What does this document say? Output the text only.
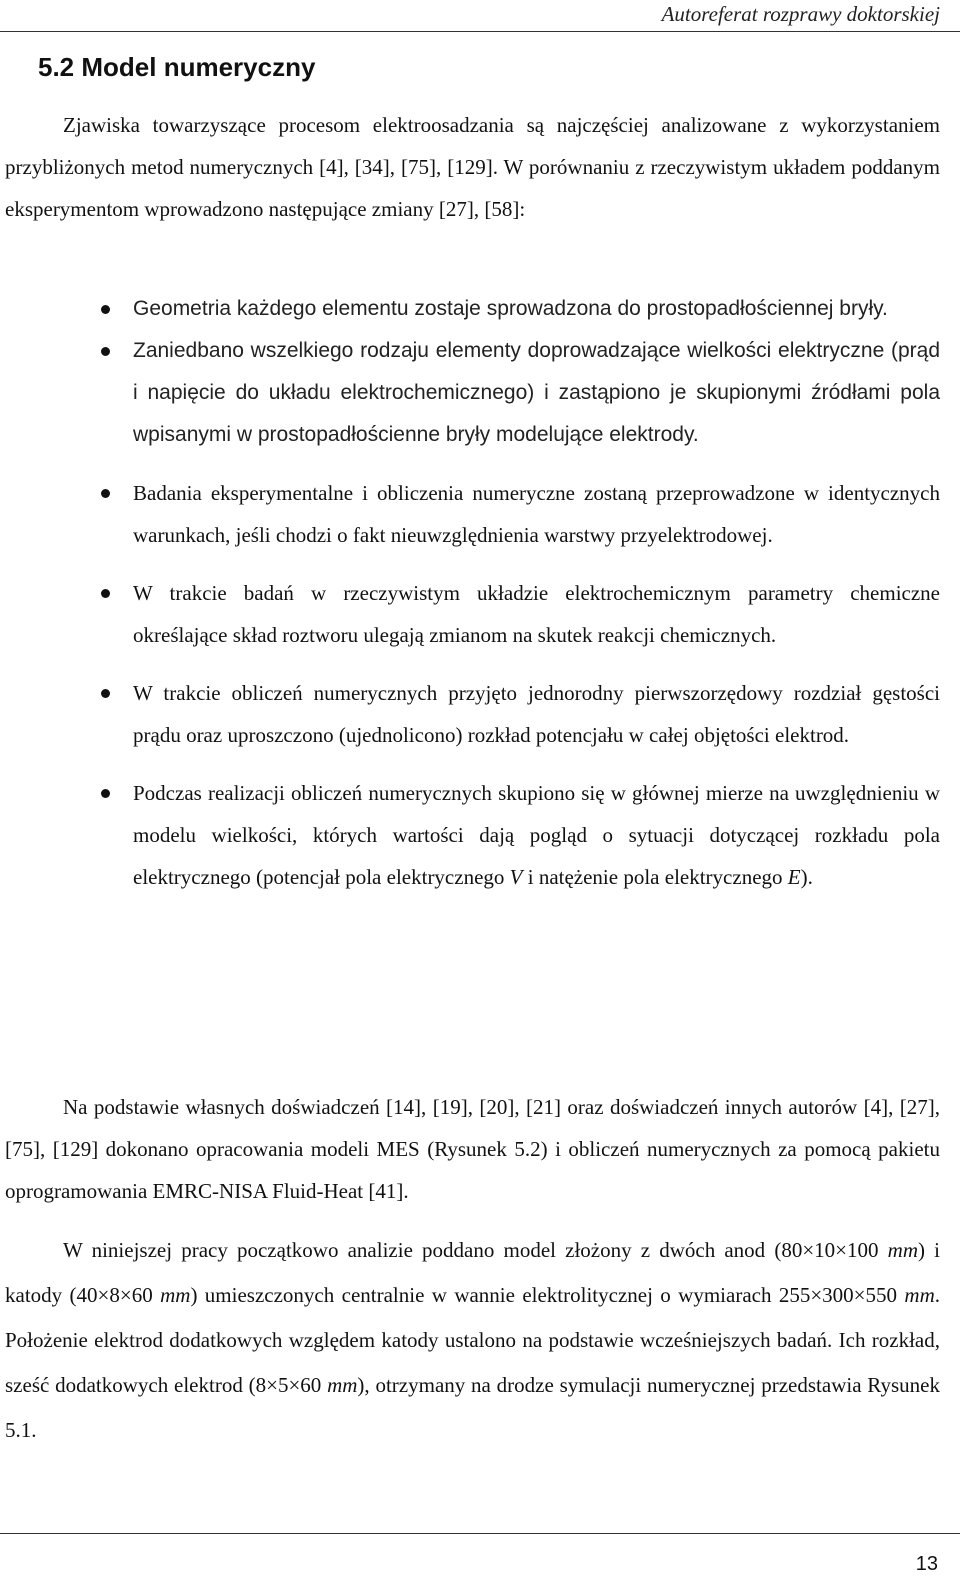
Autoreferat rozprawy doktorskiej
5.2 Model numeryczny

Zjawiska towarzyszące procesom elektroosadzania są najczęściej analizowane z wykorzystaniem przybliżonych metod numerycznych [4], [34], [75], [129]. W porównaniu z rzeczywistym układem poddanym eksperymentom wprowadzono następujące zmiany [27], [58]:

Geometria każdego elementu zostaje sprowadzona do prostopadłościennej bryły.
Zaniedbano wszelkiego rodzaju elementy doprowadzające wielkości elektryczne (prąd i napięcie do układu elektrochemicznego) i zastąpiono je skupionymi źródłami pola wpisanymi w prostopadłościenne bryły modelujące elektrody.
Badania eksperymentalne i obliczenia numeryczne zostaną przeprowadzone w identycznych warunkach, jeśli chodzi o fakt nieuwzględnienia warstwy przyelektrodowej.
W trakcie badań w rzeczywistym układzie elektrochemicznym parametry chemiczne określające skład roztworu ulegają zmianom na skutek reakcji chemicznych.
W trakcie obliczeń numerycznych przyjęto jednorodny pierwszorzędowy rozdział gęstości prądu oraz uproszczono (ujednolicono) rozkład potencjału w całej objętości elektrod.
Podczas realizacji obliczeń numerycznych skupiono się w głównej mierze na uwzględnieniu w modelu wielkości, których wartości dają pogląd o sytuacji dotyczącej rozkładu pola elektrycznego (potencjał pola elektrycznego V i natężenie pola elektrycznego E).

Na podstawie własnych doświadczeń [14], [19], [20], [21] oraz doświadczeń innych autorów [4], [27], [75], [129] dokonano opracowania modeli MES (Rysunek 5.2) i obliczeń numerycznych za pomocą pakietu oprogramowania EMRC-NISA Fluid-Heat [41].

W niniejszej pracy początkowo analizie poddano model złożony z dwóch anod (80×10×100 mm) i katody (40×8×60 mm) umieszczonych centralnie w wannie elektrolitycznej o wymiarach 255×300×550 mm. Położenie elektrod dodatkowych względem katody ustalono na podstawie wcześniejszych badań. Ich rozkład, sześć dodatkowych elektrod (8×5×60 mm), otrzymany na drodze symulacji numerycznej przedstawia Rysunek 5.1.

13
